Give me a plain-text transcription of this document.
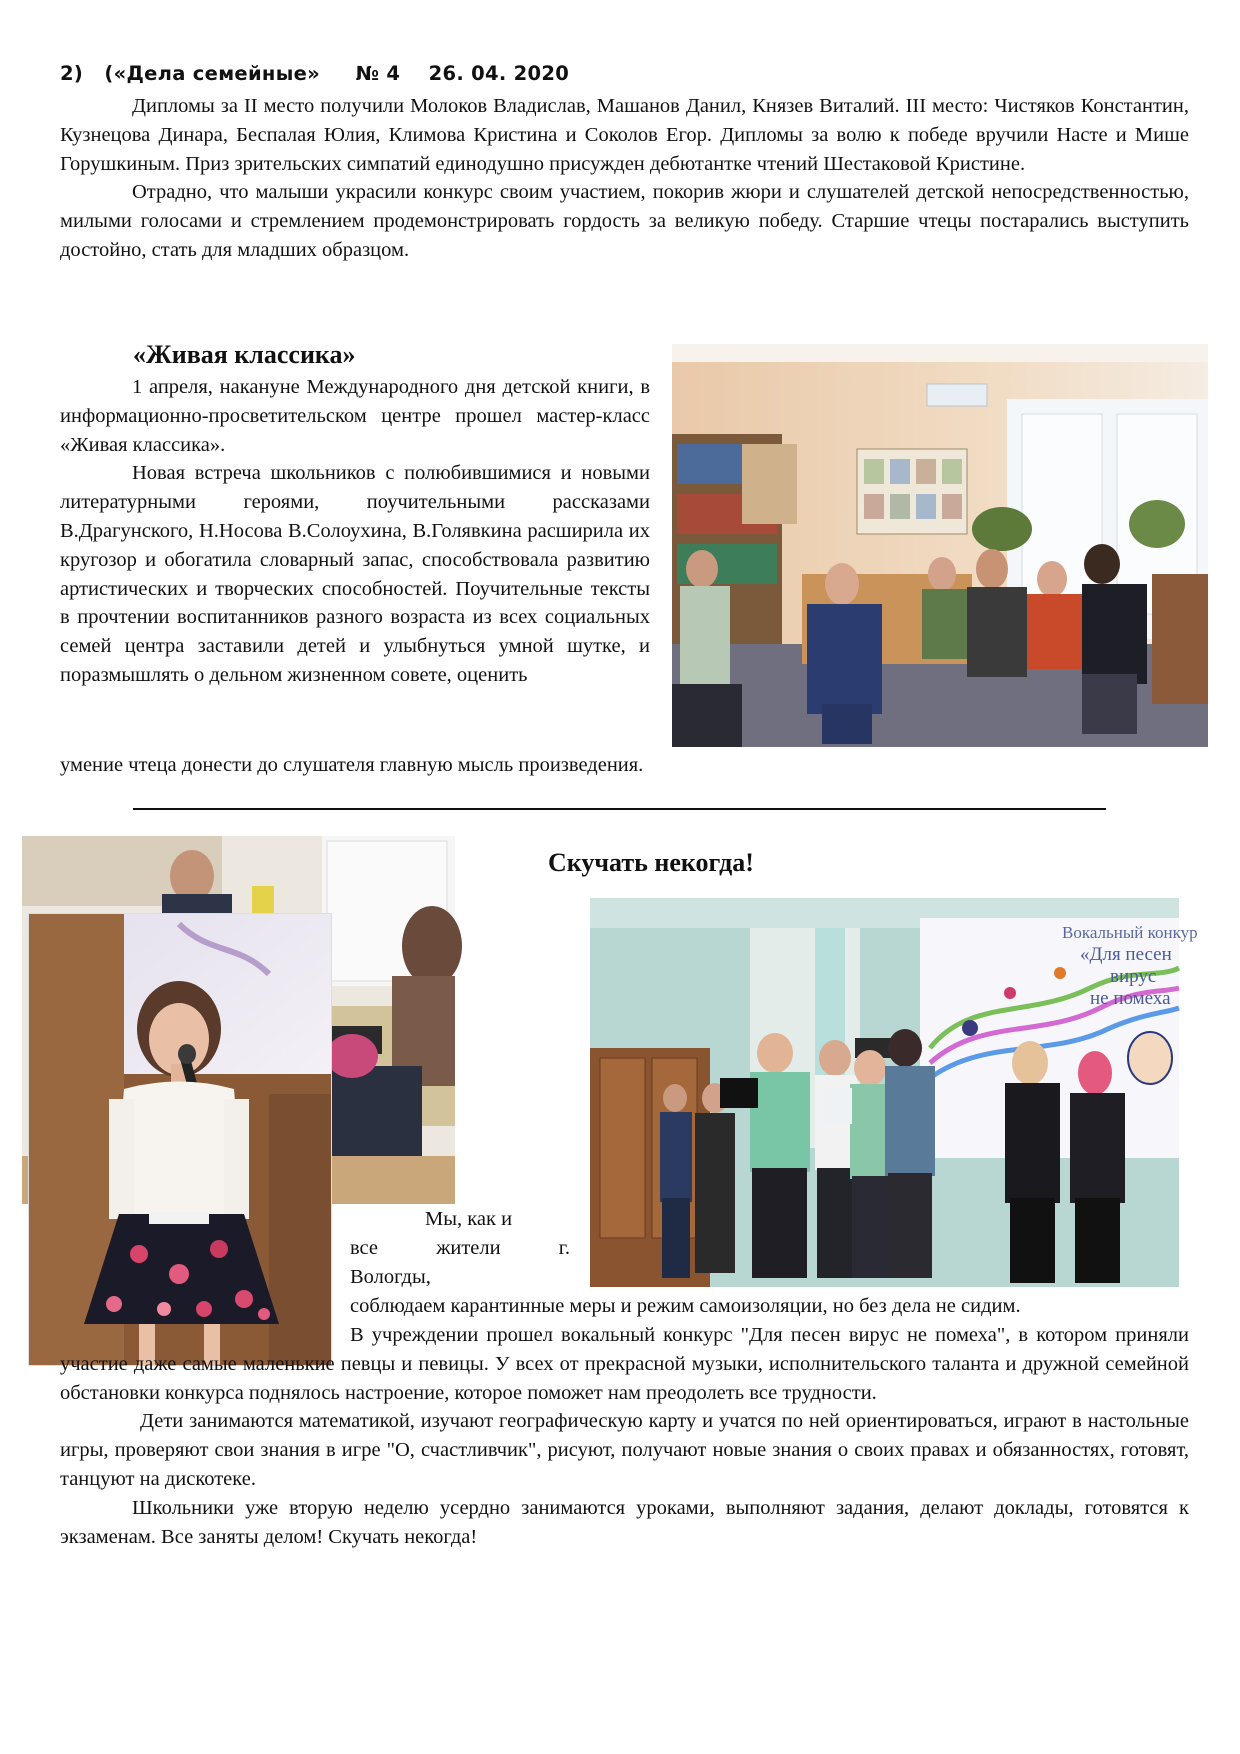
2) («Дела семейные» № 4 26. 04. 2020

Дипломы за II место получили Молоков Владислав, Машанов Данил, Князев Виталий. III место: Чистяков Константин, Кузнецова Динара, Беспалая Юлия, Климова Кристина и Соколов Егор. Дипломы за волю к победе вручили Насте и Мише Горушкиным. Приз зрительских симпатий единодушно присужден дебютантке чтений Шестаковой Кристине.

Отрадно, что малыши украсили конкурс своим участием, покорив жюри и слушателей детской непосредственностью, милыми голосами и стремлением продемонстрировать гордость за великую победу. Старшие чтецы постарались выступить достойно, стать для младших образцом.

«Живая классика»

1 апреля, накануне Международного дня детской книги, в информационно-просветительском центре прошел мастер-класс «Живая классика».

Новая встреча школьников с полюбившимися и новыми литературными героями, поучительными рассказами В.Драгунского, Н.Носова В.Солоухина, В.Голявкина расширила их кругозор и обогатила словарный запас, способствовала развитию артистических и творческих способностей. Поучительные тексты в прочтении воспитанников разного возраста из всех социальных семей центра заставили детей и улыбнуться умной шутке, и поразмышлять о дельном жизненном совете, оценить

умение чтеца донести до слушателя главную мысль произведения.
Скучать некогда!
Вокальный конкур
«Для песен
вирус
не помеха
Мы, как и
все жители г.
Вологды,
соблюдаем карантинные меры и режим самоизоляции, но без дела не сидим.
В учреждении прошел вокальный конкурс "Для песен вирус не помеха", в котором приняли участие даже самые маленькие певцы и певицы. У всех от прекрасной музыки, исполнительского таланта и дружной семейной обстановки конкурса поднялось настроение, которое поможет нам преодолеть все трудности.

Дети занимаются математикой, изучают географическую карту и учатся по ней ориентироваться, играют в настольные игры, проверяют свои знания в игре "О, счастливчик", рисуют, получают новые знания о своих правах и обязанностях, готовят, танцуют на дискотеке.

Школьники уже вторую неделю усердно занимаются уроками, выполняют задания, делают доклады, готовятся к экзаменам. Все заняты делом! Скучать некогда!
